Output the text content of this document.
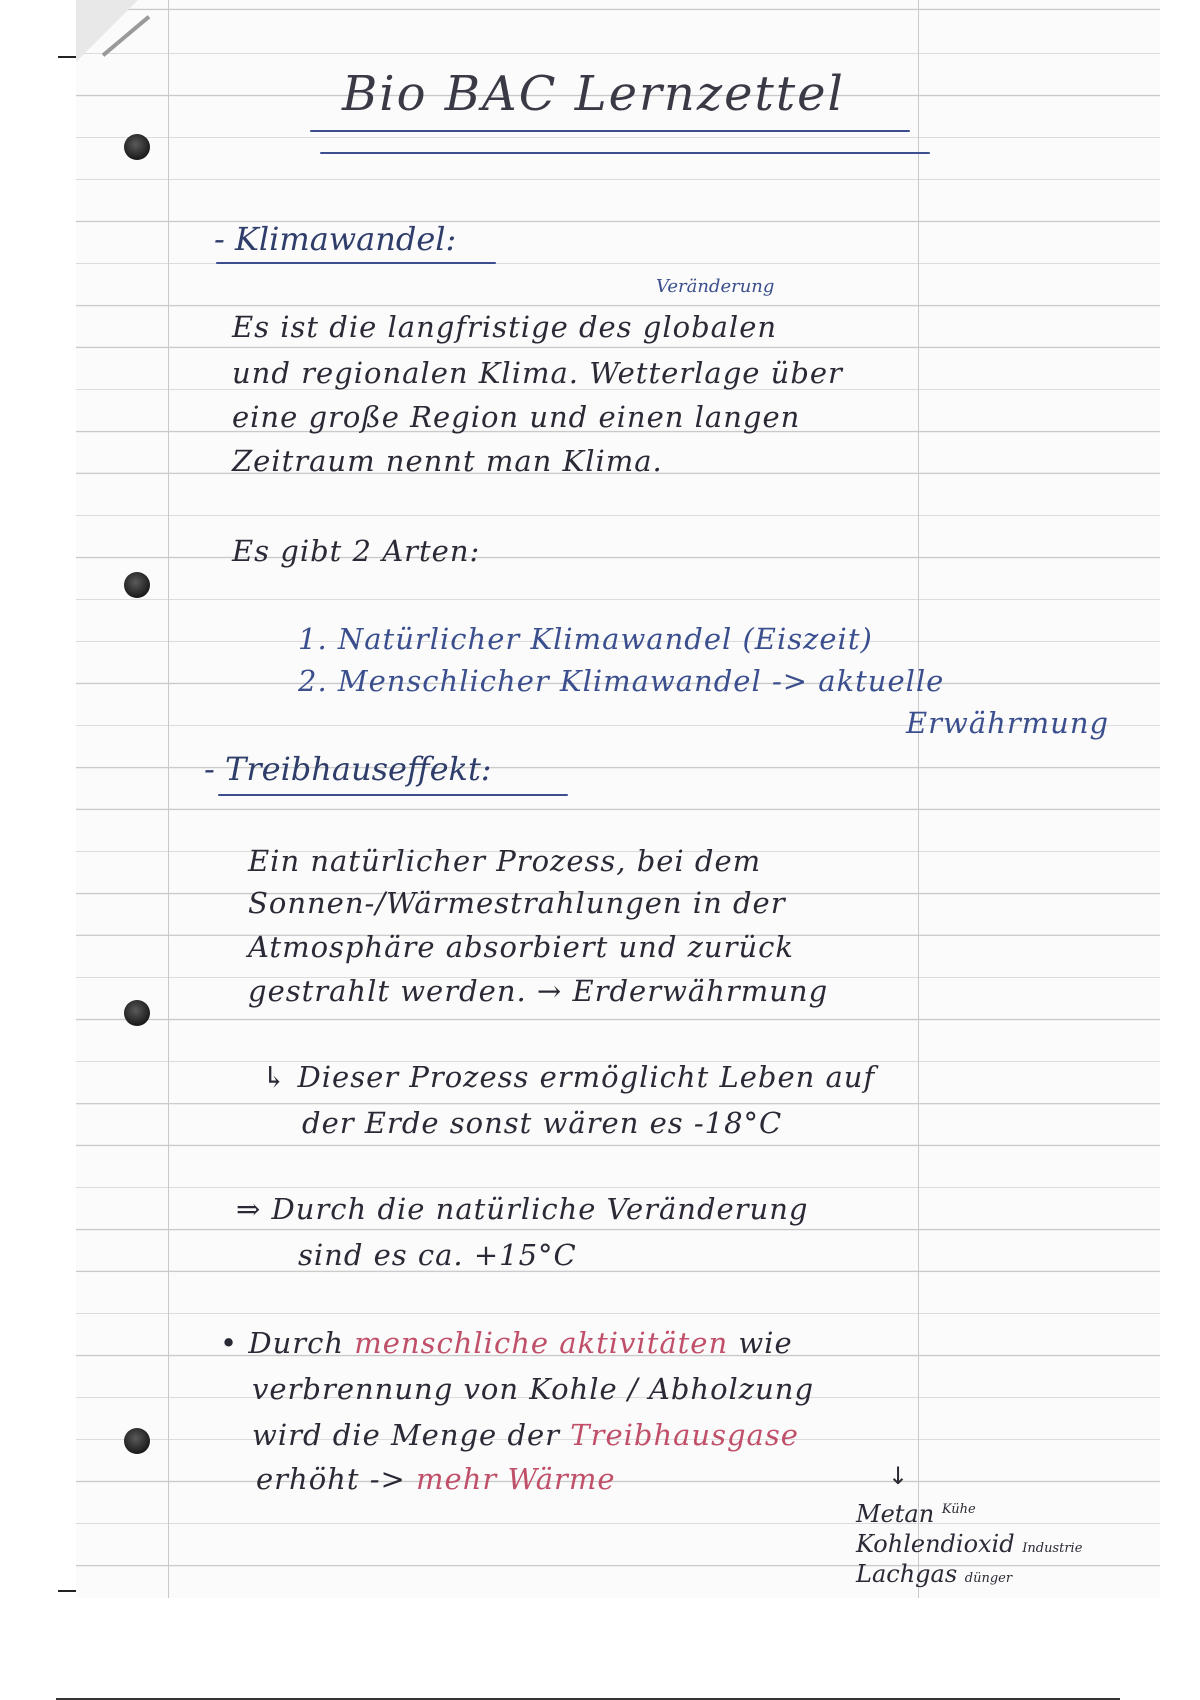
Bio BAC Lernzettel
- Klimawandel:
Veränderung
Es ist die langfristige des globalen
und regionalen Klima. Wetterlage über
eine große Region und einen langen
Zeitraum nennt man Klima.
Es gibt 2 Arten:
1. Natürlicher Klimawandel (Eiszeit)
2. Menschlicher Klimawandel -> aktuelle
Erwährmung
- Treibhauseffekt:
Ein natürlicher Prozess, bei dem
Sonnen-/Wärmestrahlungen in der
Atmosphäre absorbiert und zurück
gestrahlt werden. → Erderwährmung
↳ Dieser Prozess ermöglicht Leben auf
der Erde sonst wären es -18°C
⇒ Durch die natürliche Veränderung
sind es ca. +15°C
• Durch menschliche aktivitäten wie
verbrennung von Kohle / Abholzung
wird die Menge der Treibhausgase
erhöht -> mehr Wärme	↓
Metan $^{Kühe}$
Kohlendioxid Industrie
Lachgas dünger
